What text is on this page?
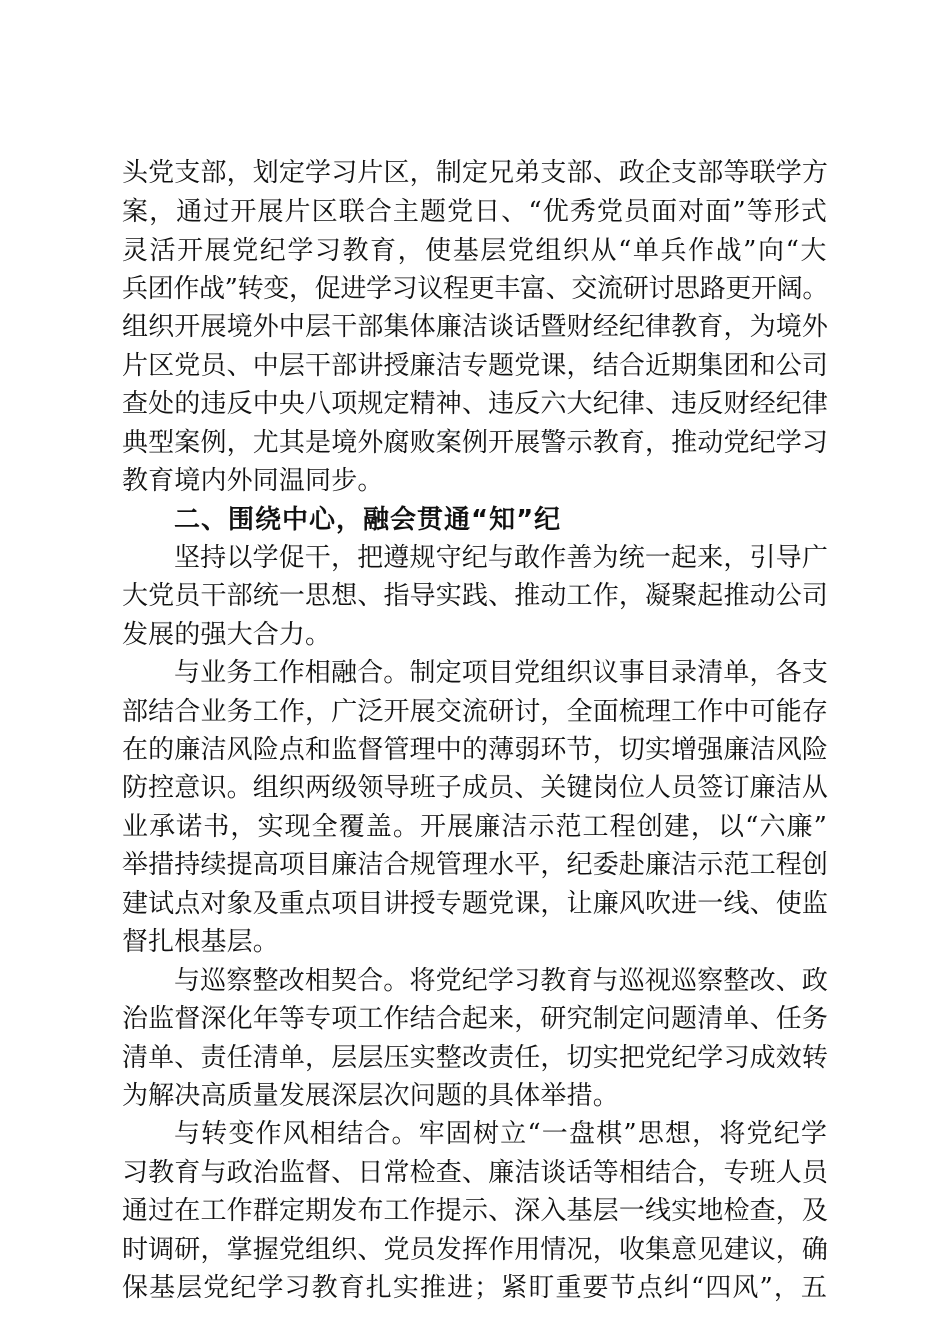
头党支部，划定学习片区，制定兄弟支部、政企支部等联学方
案，通过开展片区联合主题党日、“优秀党员面对面”等形式
灵活开展党纪学习教育，使基层党组织从“单兵作战”向“大
兵团作战”转变，促进学习议程更丰富、交流研讨思路更开阔。
组织开展境外中层干部集体廉洁谈话暨财经纪律教育，为境外
片区党员、中层干部讲授廉洁专题党课，结合近期集团和公司
查处的违反中央八项规定精神、违反六大纪律、违反财经纪律
典型案例，尤其是境外腐败案例开展警示教育，推动党纪学习
教育境内外同温同步。
二、围绕中心，融会贯通“知”纪
坚持以学促干，把遵规守纪与敢作善为统一起来，引导广
大党员干部统一思想、指导实践、推动工作，凝聚起推动公司
发展的强大合力。
与业务工作相融合。制定项目党组织议事目录清单，各支
部结合业务工作，广泛开展交流研讨，全面梳理工作中可能存
在的廉洁风险点和监督管理中的薄弱环节，切实增强廉洁风险
防控意识。组织两级领导班子成员、关键岗位人员签订廉洁从
业承诺书，实现全覆盖。开展廉洁示范工程创建，以“六廉”
举措持续提高项目廉洁合规管理水平，纪委赴廉洁示范工程创
建试点对象及重点项目讲授专题党课，让廉风吹进一线、使监
督扎根基层。
与巡察整改相契合。将党纪学习教育与巡视巡察整改、政
治监督深化年等专项工作结合起来，研究制定问题清单、任务
清单、责任清单，层层压实整改责任，切实把党纪学习成效转
为解决高质量发展深层次问题的具体举措。
与转变作风相结合。牢固树立“一盘棋”思想，将党纪学
习教育与政治监督、日常检查、廉洁谈话等相结合，专班人员
通过在工作群定期发布工作提示、深入基层一线实地检查，及
时调研，掌握党组织、党员发挥作用情况，收集意见建议，确
保基层党纪学习教育扎实推进；紧盯重要节点纠“四风”，五
